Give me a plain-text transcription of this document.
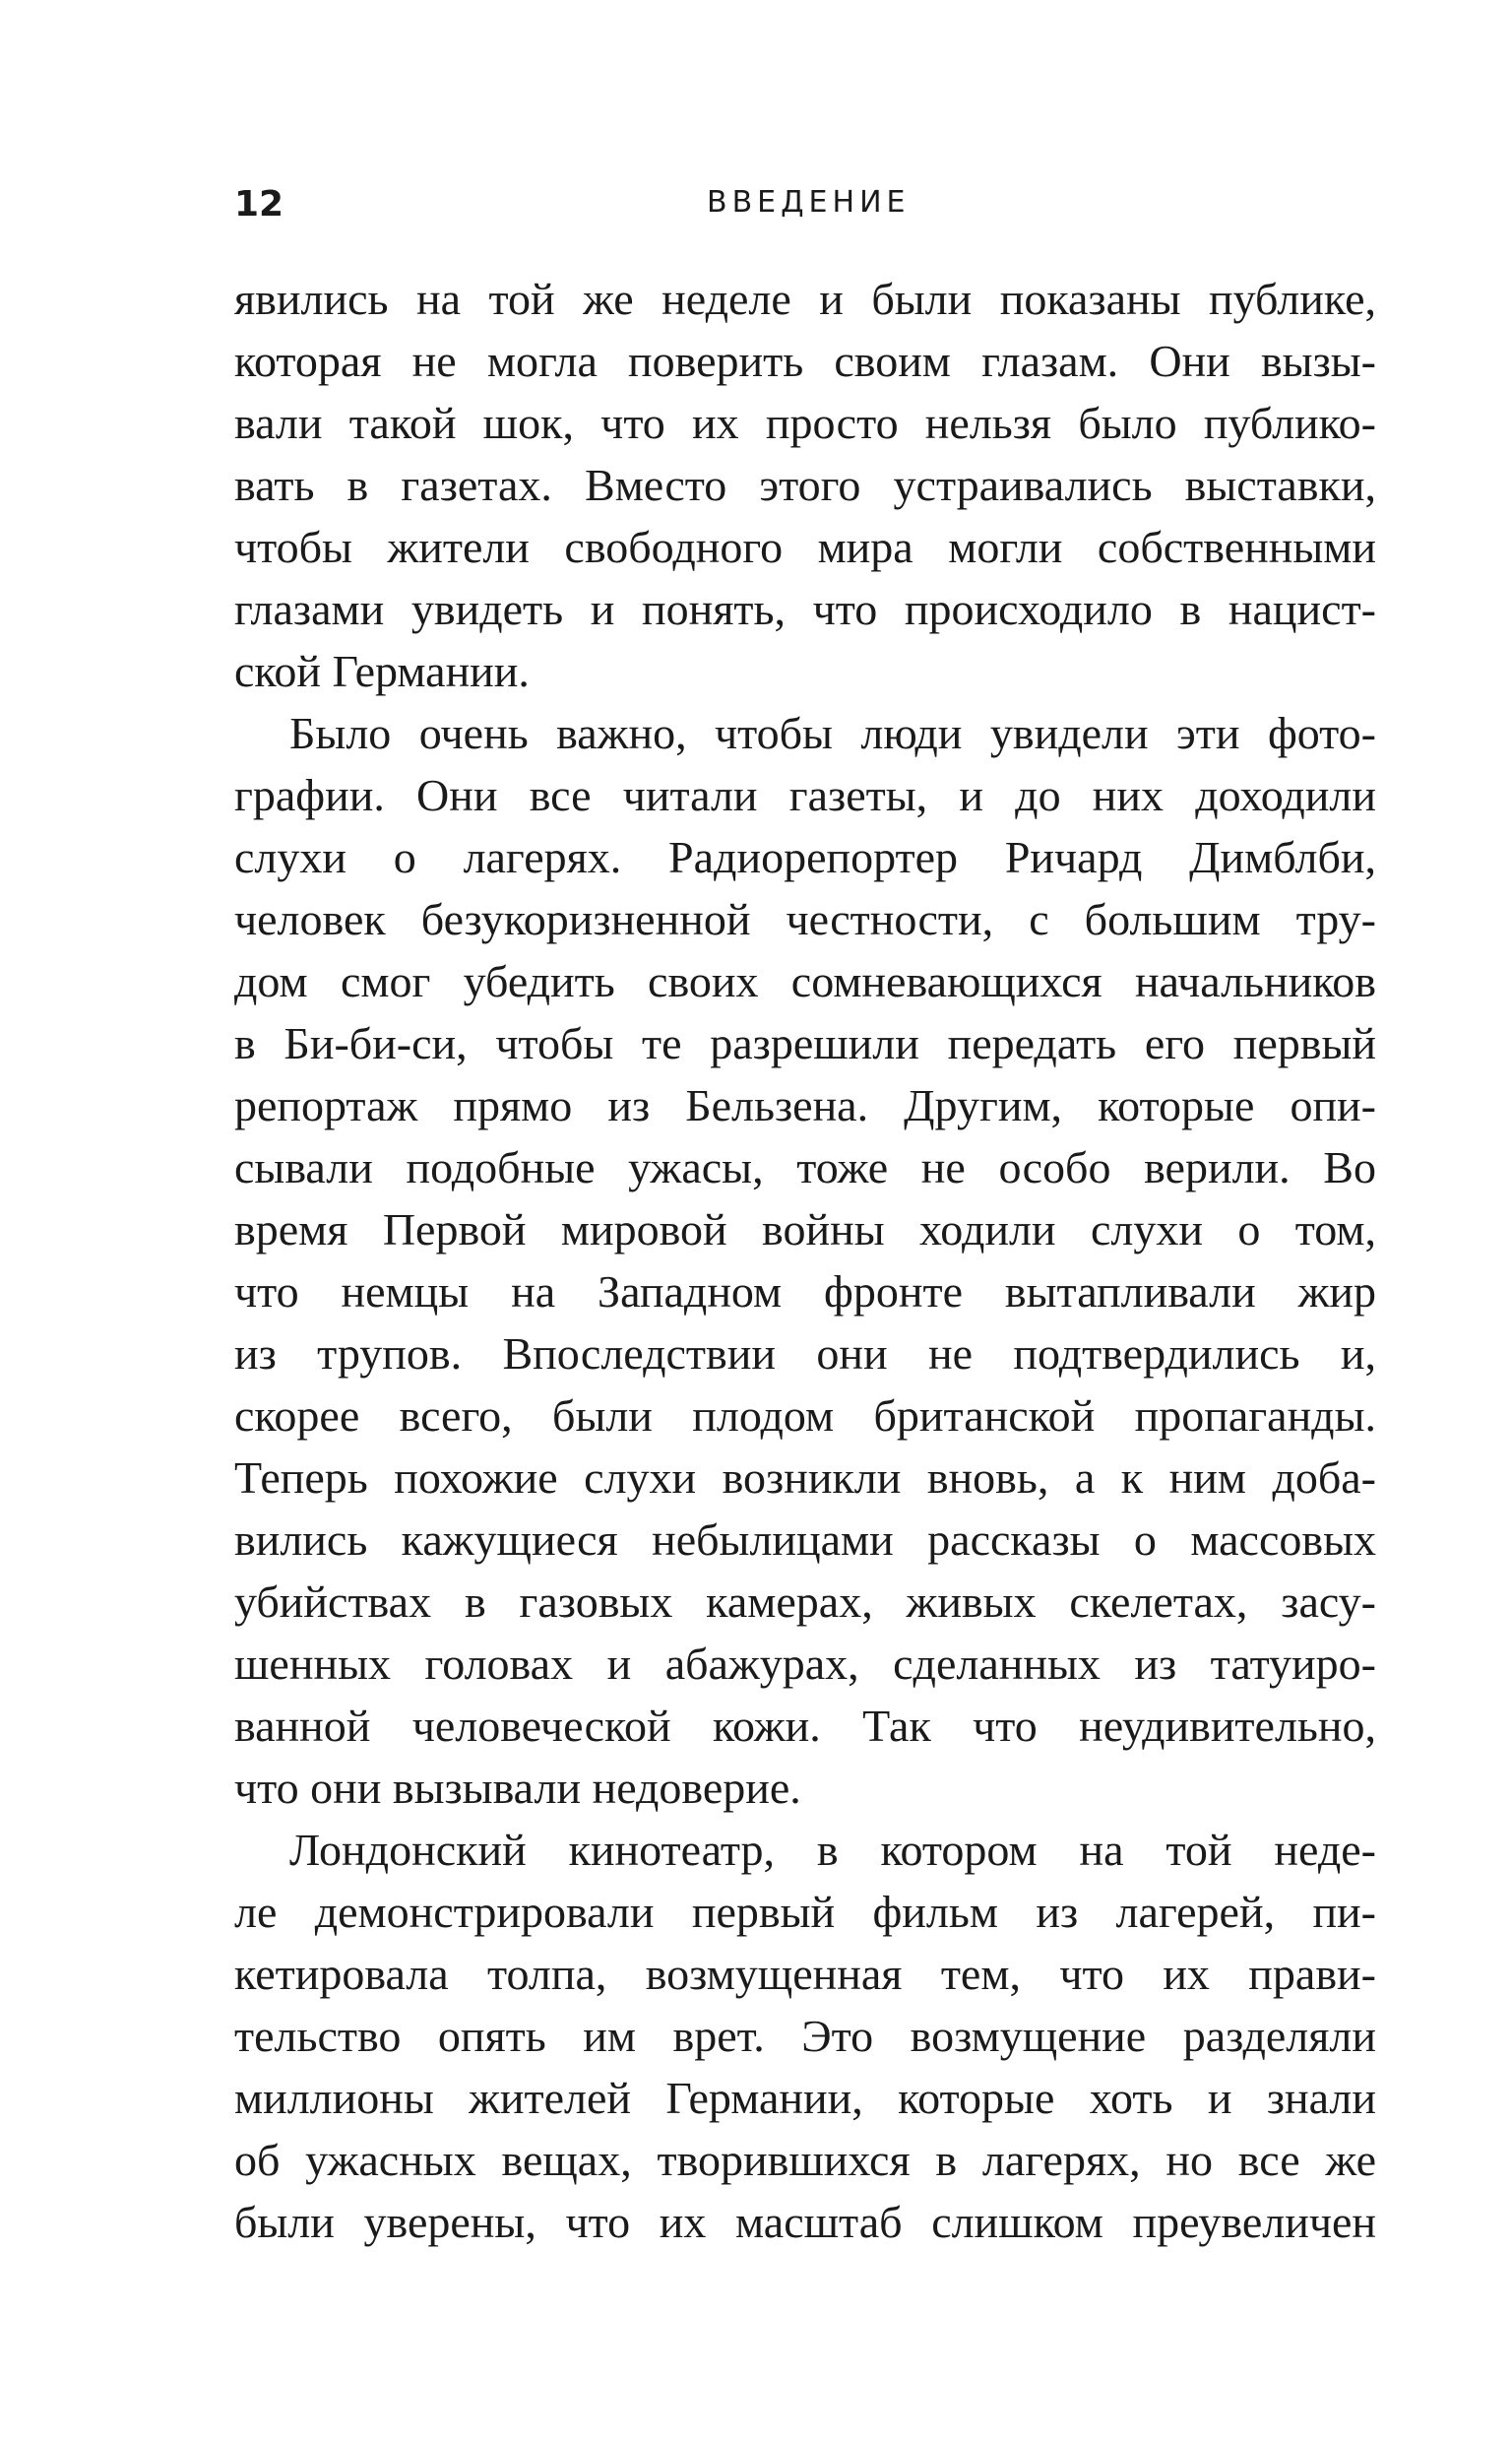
12	ВВЕДЕНИЕ
явились на той же неделе и были показаны публике,
которая не могла поверить своим глазам. Они вызы-
вали такой шок, что их просто нельзя было публико-
вать в газетах. Вместо этого устраивались выставки,
чтобы жители свободного мира могли собственными
глазами увидеть и понять, что происходило в нацист-
ской Германии.
Было очень важно, чтобы люди увидели эти фото-
графии. Они все читали газеты, и до них доходили
слухи о лагерях. Радиорепортер Ричард Димблби,
человек безукоризненной честности, с большим тру-
дом смог убедить своих сомневающихся начальников
в Би-би-си, чтобы те разрешили передать его первый
репортаж прямо из Бельзена. Другим, которые опи-
сывали подобные ужасы, тоже не особо верили. Во
время Первой мировой войны ходили слухи о том,
что немцы на Западном фронте вытапливали жир
из трупов. Впоследствии они не подтвердились и,
скорее всего, были плодом британской пропаганды.
Теперь похожие слухи возникли вновь, а к ним доба-
вились кажущиеся небылицами рассказы о массовых
убийствах в газовых камерах, живых скелетах, засу-
шенных головах и абажурах, сделанных из татуиро-
ванной человеческой кожи. Так что неудивительно,
что они вызывали недоверие.
Лондонский кинотеатр, в котором на той неде-
ле демонстрировали первый фильм из лагерей, пи-
кетировала толпа, возмущенная тем, что их прави-
тельство опять им врет. Это возмущение разделяли
миллионы жителей Германии, которые хоть и знали
об ужасных вещах, творившихся в лагерях, но все же
были уверены, что их масштаб слишком преувеличен
